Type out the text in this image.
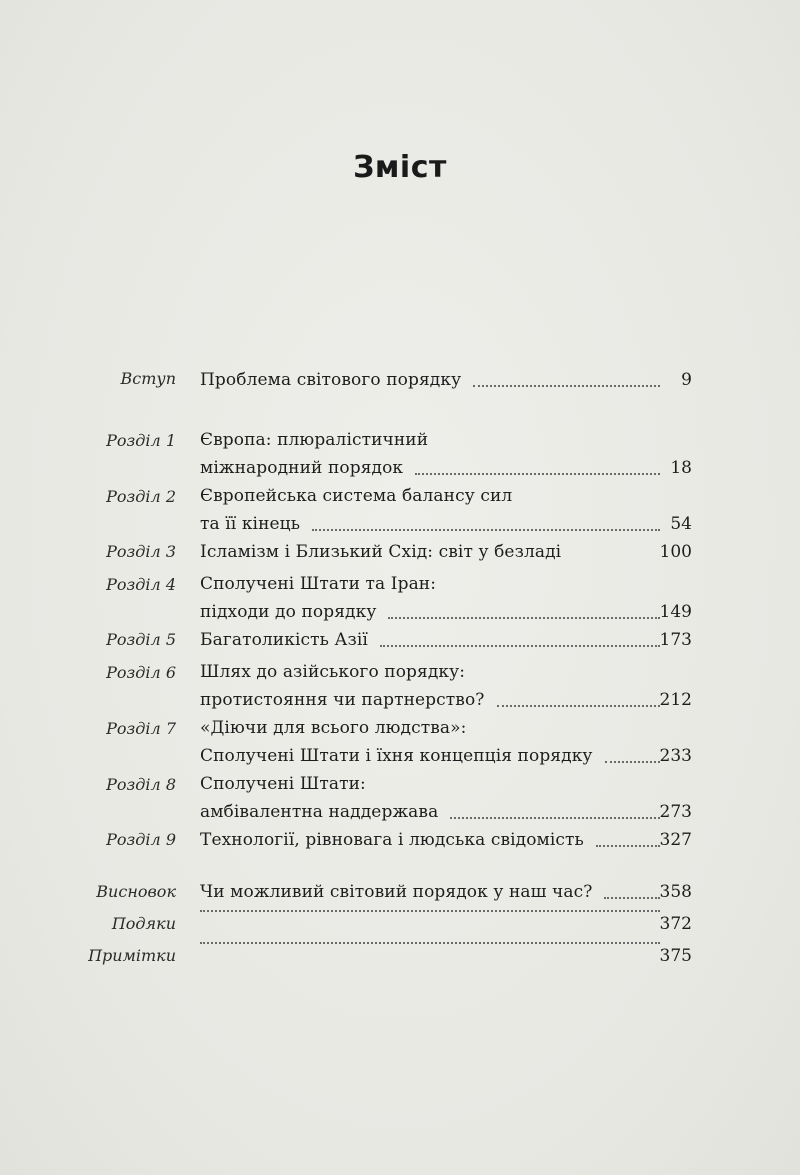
Зміст
Вступ Проблема світового порядку	9
Розділ 1 Європа: плюралістичний
міжнародний порядок	18
Розділ 2 Європейська система балансу сил
та її кінець	54
Розділ 3 Ісламізм і Близький Схід: світ у безладі	100
Розділ 4 Сполучені Штати та Іран:
підходи до порядку	149
Розділ 5 Багатоликість Азії	173
Розділ 6 Шлях до азійського порядку:
протистояння чи партнерство?	212
Розділ 7 «Діючи для всього людства»:
Сполучені Штати і їхня концепція порядку	233
Розділ 8 Сполучені Штати:
амбівалентна наддержава	273
Розділ 9 Технології, рівновага і людська свідомість	327
Висновок Чи можливий світовий порядок у наш час?	358
Подяки	372
Примітки	375
